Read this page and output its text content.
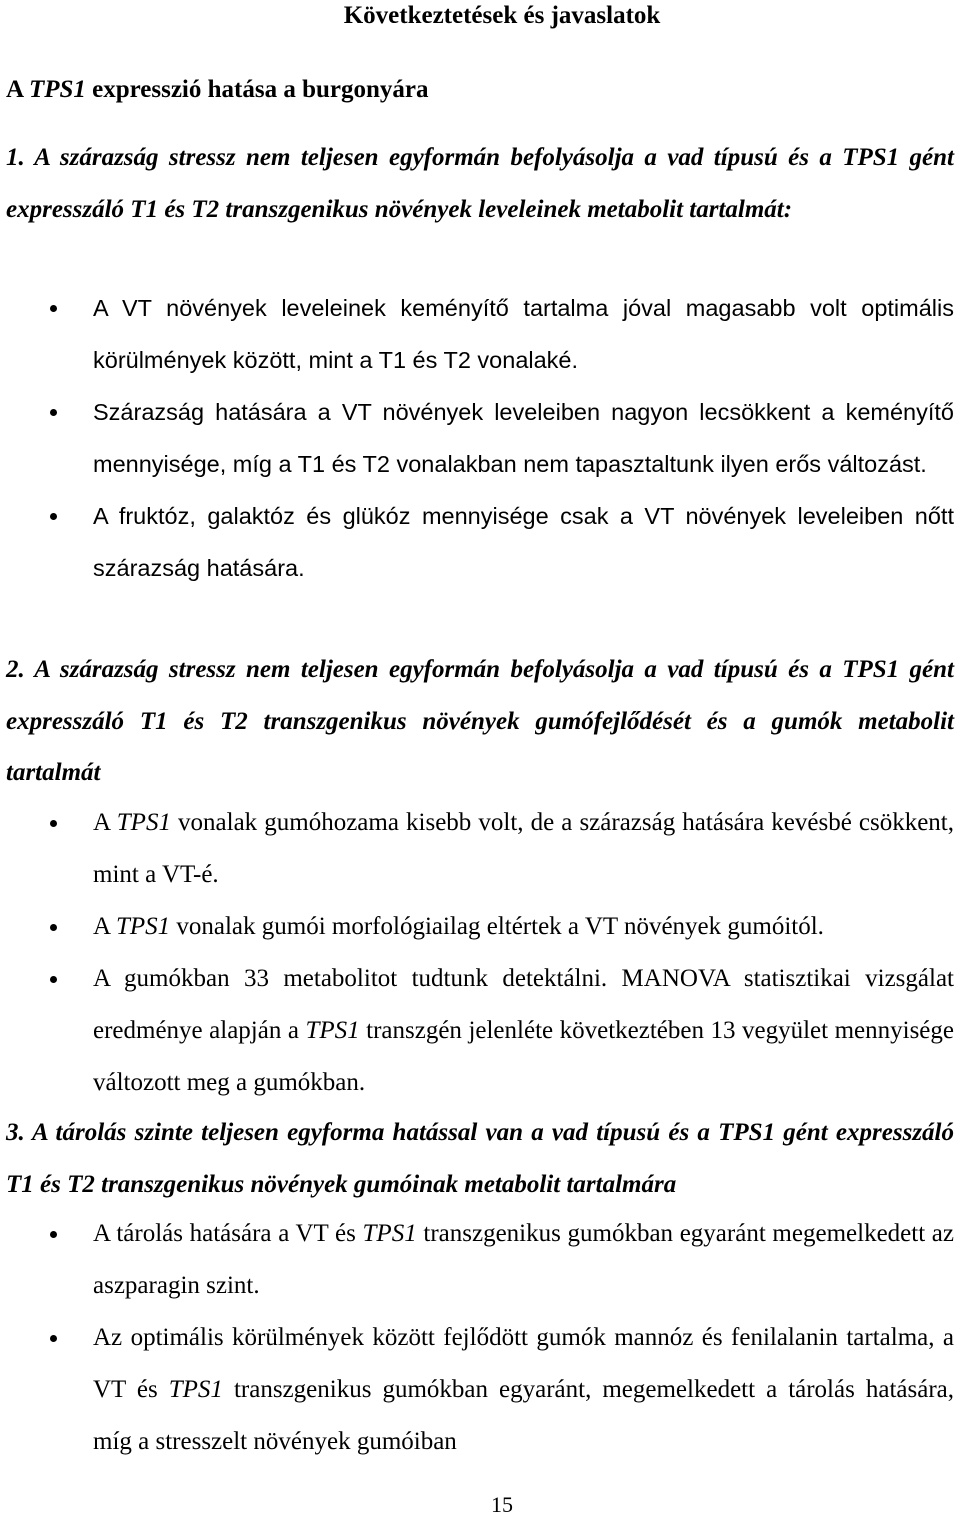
Következtetések és javaslatok
A TPS1 expresszió hatása a burgonyára
1. A szárazság stressz nem teljesen egyformán befolyásolja a vad típusú és a TPS1 gént expresszáló T1 és T2 transzgenikus növények leveleinek metabolit tartalmát:
A VT növények leveleinek keményítő tartalma jóval magasabb volt optimális körülmények között, mint a T1 és T2 vonalaké.
Szárazság hatására a VT növények leveleiben nagyon lecsökkent a keményítő mennyisége, míg a T1 és T2 vonalakban nem tapasztaltunk ilyen erős változást.
A fruktóz, galaktóz és glükóz mennyisége csak a VT növények leveleiben nőtt szárazság hatására.
2. A szárazság stressz nem teljesen egyformán befolyásolja a vad típusú és a TPS1 gént expresszáló T1 és T2 transzgenikus növények gumófejlődését és a gumók metabolit tartalmát
A TPS1 vonalak gumóhozama kisebb volt, de a szárazság hatására kevésbé csökkent, mint a VT-é.
A TPS1 vonalak gumói morfológiailag eltértek a VT növények gumóitól.
A gumókban 33 metabolitot tudtunk detektálni. MANOVA statisztikai vizsgálat eredménye alapján a TPS1 transzgén jelenléte következtében 13 vegyület mennyisége változott meg a gumókban.
3. A tárolás szinte teljesen egyforma hatással van a vad típusú és a TPS1 gént expresszáló T1 és T2 transzgenikus növények gumóinak metabolit tartalmára
A tárolás hatására a VT és TPS1 transzgenikus gumókban egyaránt megemelkedett az aszparagin szint.
Az optimális körülmények között fejlődött gumók mannóz és fenilalanin tartalma, a VT és TPS1 transzgenikus gumókban egyaránt, megemelkedett a tárolás hatására, míg a stresszelt növények gumóiban
15
